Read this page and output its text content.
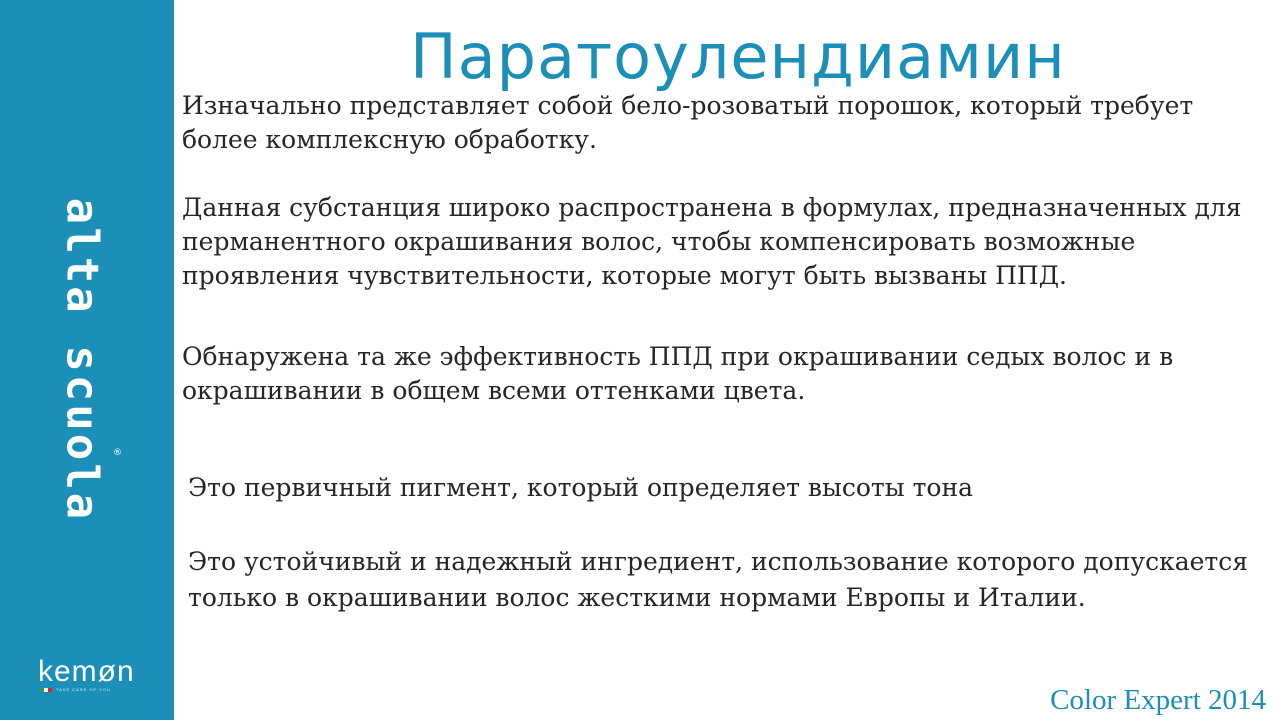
alta scuola ®
kemøn
TAKE CARE OF YOU
Паратоулендиамин

Изначально представляет собой бело-розоватый порошок, который требует более комплексную обработку.

Данная субстанция широко распространена в формулах, предназначенных для перманентного окрашивания волос, чтобы компенсировать возможные проявления чувствительности, которые могут быть вызваны ППД.

Обнаружена та же эффективность ППД при окрашивании седых волос и в окрашивании в общем всеми оттенками цвета.

Это первичный пигмент, который определяет высоты тона

Это устойчивый и надежный ингредиент, использование которого допускается только в окрашивании волос жесткими нормами Европы и Италии.

Color Expert 2014
